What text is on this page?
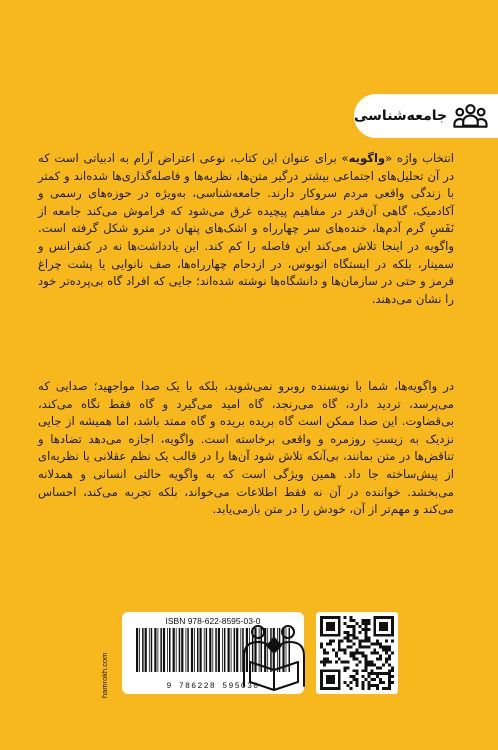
جامعه‌شناسی

انتخاب واژه «واگویه» برای عنوان این کتاب، نوعی اعتراض آرام به ادبیاتی است که در آن تحلیل‌های اجتماعی بیشتر درگیر متن‌ها، نظریه‌ها و فاصله‌گذاری‌ها شده‌اند و کمتر با زندگی واقعی مردم سروکار دارند. جامعه‌شناسی، به‌ویژه در حوزه‌های رسمی و آکادمیک، گاهی آن‌قدر در مفاهیم پیچیده غرق می‌شود که فراموش می‌کند جامعه از نَفَسِ گرم آدم‌ها، خنده‌های سر چهارراه و اشک‌های پنهان در مترو شکل گرفته است. واگویه در اینجا تلاش می‌کند این فاصله را کم کند. این یادداشت‌ها نه در کنفرانس و سمینار، بلکه در ایستگاه اتوبوس، در ازدحام چهارراه‌ها، صف نانوایی یا پشت چراغ قرمز و حتی در سازمان‌ها و دانشگاه‌ها نوشته شده‌اند؛ جایی که افراد گاه بی‌پرده‌تر خود را نشان می‌دهند.

در واگویه‌ها، شما با نویسنده روبرو نمی‌شوید، بلکه با یک صدا مواجهید؛ صدایی که می‌پرسد، تردید دارد، گاه می‌رنجد، گاه امید می‌گیرد و گاه فقط نگاه می‌کند، بی‌قضاوت. این صدا ممکن است گاه بریده بریده و گاه ممتد باشد، اما همیشه از جایی نزدیک به زیستِ روزمره و واقعی برخاسته است. واگویه، اجازه می‌دهد تضادها و تناقض‌ها در متن بمانند، بی‌آنکه تلاش شود آن‌ها را در قالب یک نظم عقلانی یا نظریه‌ای از پیش‌ساخته جا داد. همین ویژگی است که به واگویه حالتی انسانی و همدلانه می‌بخشد. خواننده در آن نه فقط اطلاعات می‌خواند، بلکه تجربه می‌کند، احساس می‌کند و مهم‌تر از آن، خودش را در متن بازمی‌یابد.

ISBN 978-622-8595-03-0
9 786228 595030
hamrokh.com
